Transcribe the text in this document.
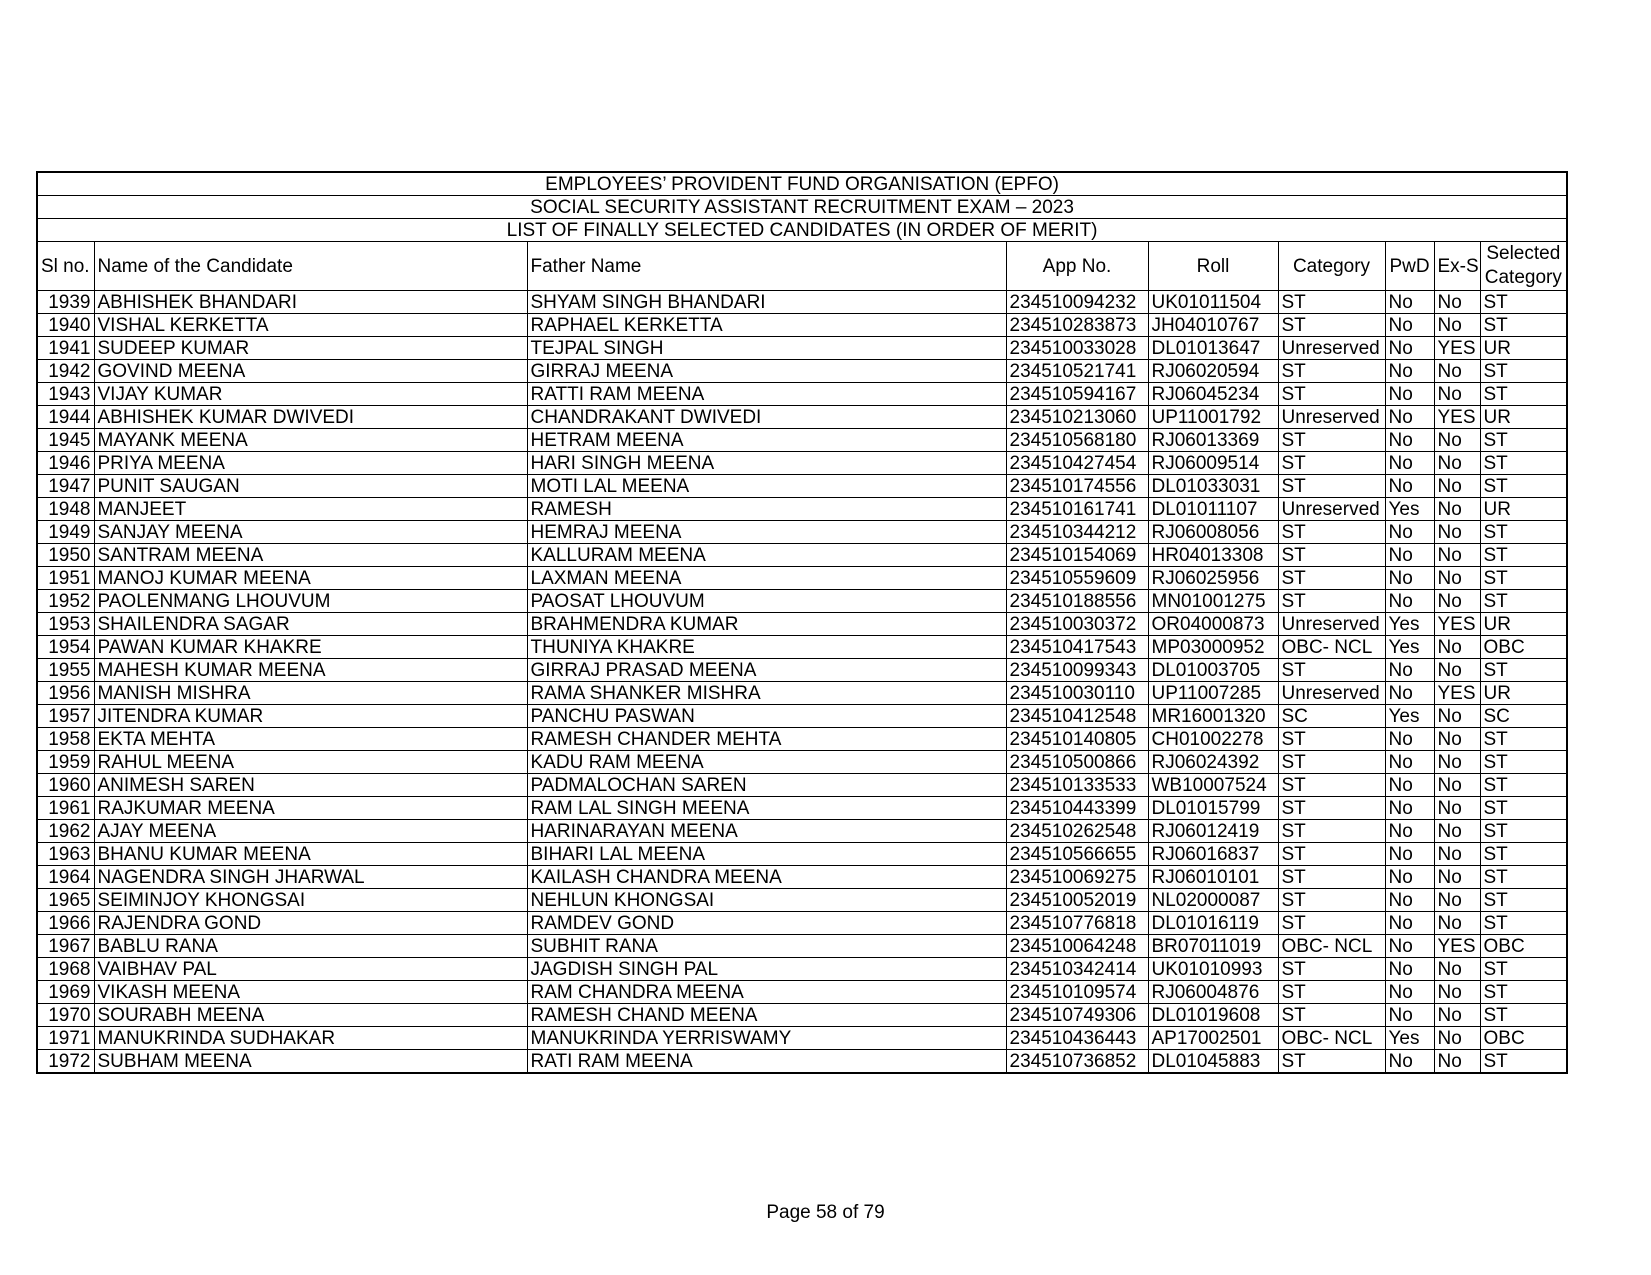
EMPLOYEES’ PROVIDENT FUND ORGANISATION (EPFO)								
SOCIAL SECURITY ASSISTANT RECRUITMENT EXAM – 2023								
LIST OF FINALLY SELECTED CANDIDATES (IN ORDER OF MERIT)								
Sl no.	Name of the Candidate	Father Name	App No.	Roll	Category	PwD	Ex-S	Selected Category
1939	ABHISHEK BHANDARI	SHYAM SINGH BHANDARI	234510094232	UK01011504	ST	No	No	ST
1940	VISHAL KERKETTA	RAPHAEL KERKETTA	234510283873	JH04010767	ST	No	No	ST
1941	SUDEEP KUMAR	TEJPAL SINGH	234510033028	DL01013647	Unreserved	No	YES	UR
1942	GOVIND MEENA	GIRRAJ MEENA	234510521741	RJ06020594	ST	No	No	ST
1943	VIJAY KUMAR	RATTI RAM MEENA	234510594167	RJ06045234	ST	No	No	ST
1944	ABHISHEK KUMAR DWIVEDI	CHANDRAKANT DWIVEDI	234510213060	UP11001792	Unreserved	No	YES	UR
1945	MAYANK MEENA	HETRAM MEENA	234510568180	RJ06013369	ST	No	No	ST
1946	PRIYA MEENA	HARI SINGH MEENA	234510427454	RJ06009514	ST	No	No	ST
1947	PUNIT SAUGAN	MOTI LAL MEENA	234510174556	DL01033031	ST	No	No	ST
1948	MANJEET	RAMESH	234510161741	DL01011107	Unreserved	Yes	No	UR
1949	SANJAY MEENA	HEMRAJ MEENA	234510344212	RJ06008056	ST	No	No	ST
1950	SANTRAM MEENA	KALLURAM MEENA	234510154069	HR04013308	ST	No	No	ST
1951	MANOJ KUMAR MEENA	LAXMAN MEENA	234510559609	RJ06025956	ST	No	No	ST
1952	PAOLENMANG LHOUVUM	PAOSAT LHOUVUM	234510188556	MN01001275	ST	No	No	ST
1953	SHAILENDRA SAGAR	BRAHMENDRA KUMAR	234510030372	OR04000873	Unreserved	Yes	YES	UR
1954	PAWAN KUMAR KHAKRE	THUNIYA KHAKRE	234510417543	MP03000952	OBC- NCL	Yes	No	OBC
1955	MAHESH KUMAR MEENA	GIRRAJ PRASAD MEENA	234510099343	DL01003705	ST	No	No	ST
1956	MANISH MISHRA	RAMA SHANKER MISHRA	234510030110	UP11007285	Unreserved	No	YES	UR
1957	JITENDRA KUMAR	PANCHU PASWAN	234510412548	MR16001320	SC	Yes	No	SC
1958	EKTA MEHTA	RAMESH CHANDER MEHTA	234510140805	CH01002278	ST	No	No	ST
1959	RAHUL MEENA	KADU RAM MEENA	234510500866	RJ06024392	ST	No	No	ST
1960	ANIMESH SAREN	PADMALOCHAN SAREN	234510133533	WB10007524	ST	No	No	ST
1961	RAJKUMAR MEENA	RAM LAL SINGH MEENA	234510443399	DL01015799	ST	No	No	ST
1962	AJAY MEENA	HARINARAYAN MEENA	234510262548	RJ06012419	ST	No	No	ST
1963	BHANU KUMAR MEENA	BIHARI LAL MEENA	234510566655	RJ06016837	ST	No	No	ST
1964	NAGENDRA SINGH JHARWAL	KAILASH CHANDRA MEENA	234510069275	RJ06010101	ST	No	No	ST
1965	SEIMINJOY KHONGSAI	NEHLUN KHONGSAI	234510052019	NL02000087	ST	No	No	ST
1966	RAJENDRA GOND	RAMDEV GOND	234510776818	DL01016119	ST	No	No	ST
1967	BABLU RANA	SUBHIT RANA	234510064248	BR07011019	OBC- NCL	No	YES	OBC
1968	VAIBHAV PAL	JAGDISH SINGH PAL	234510342414	UK01010993	ST	No	No	ST
1969	VIKASH MEENA	RAM CHANDRA MEENA	234510109574	RJ06004876	ST	No	No	ST
1970	SOURABH MEENA	RAMESH CHAND MEENA	234510749306	DL01019608	ST	No	No	ST
1971	MANUKRINDA SUDHAKAR	MANUKRINDA YERRISWAMY	234510436443	AP17002501	OBC- NCL	Yes	No	OBC
1972	SUBHAM MEENA	RATI RAM MEENA	234510736852	DL01045883	ST	No	No	ST
Page 58 of 79
